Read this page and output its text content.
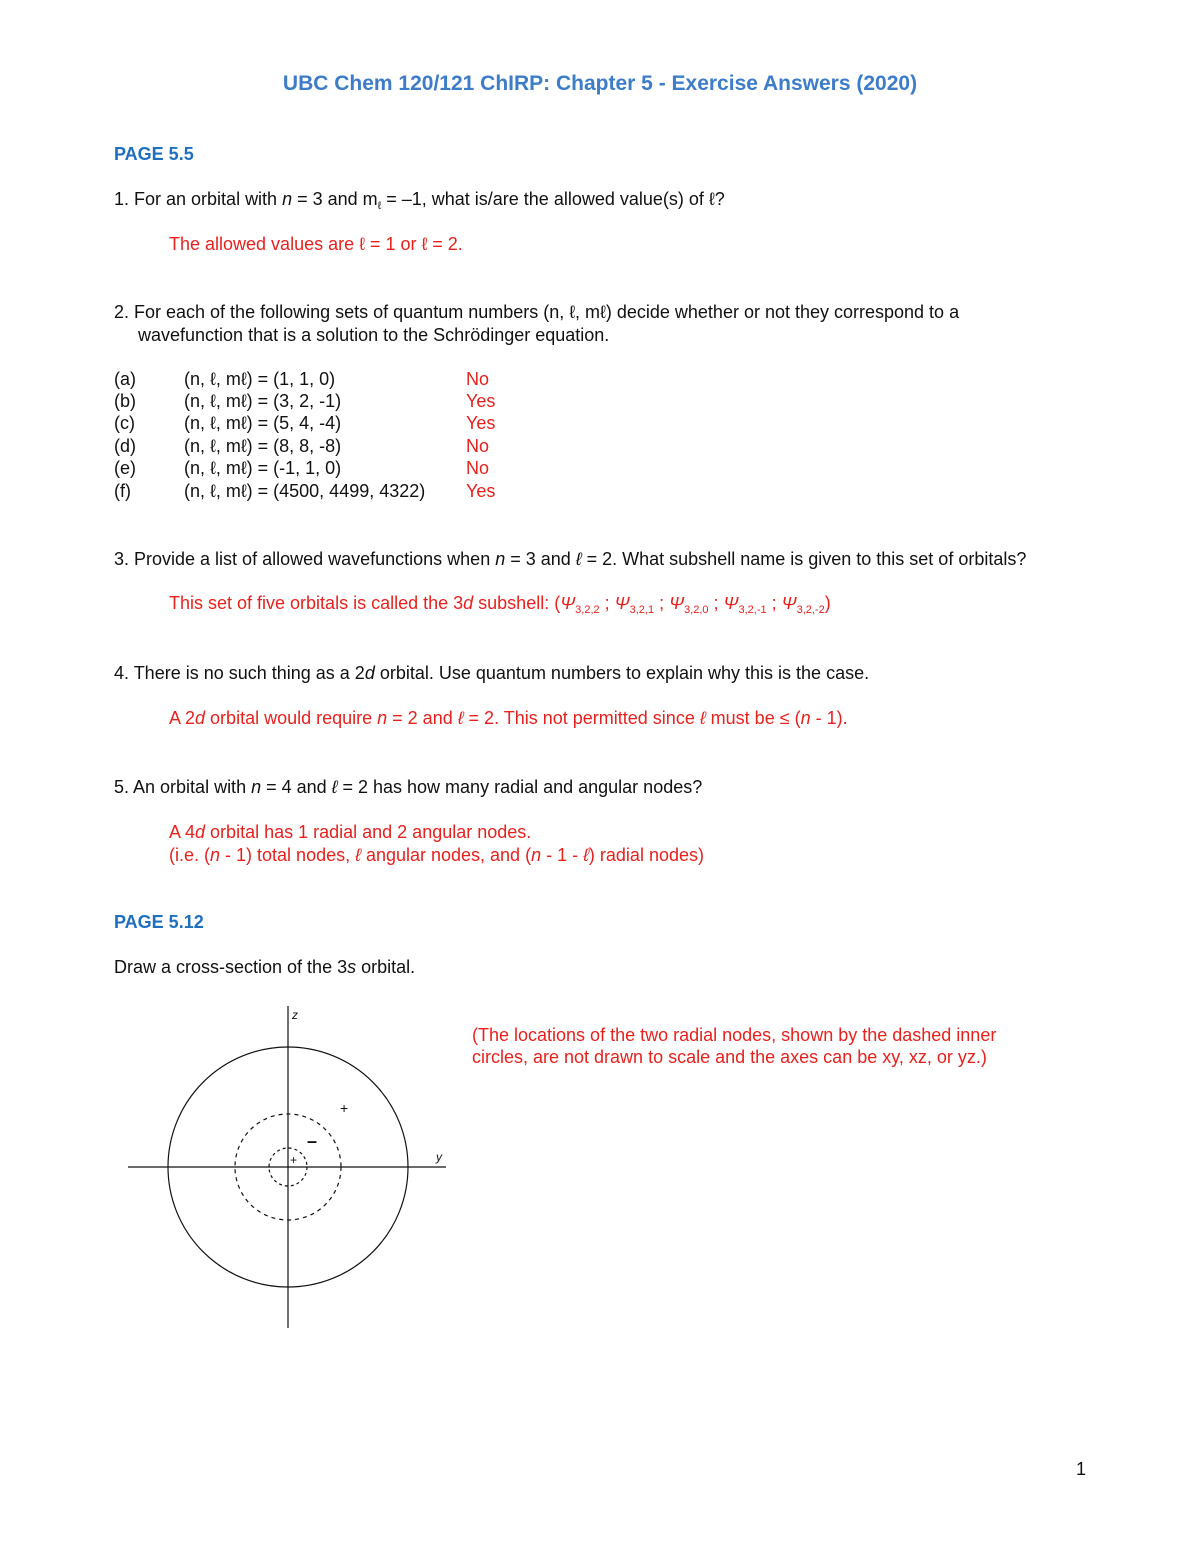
UBC Chem 120/121 ChIRP: Chapter 5 - Exercise Answers (2020)
PAGE 5.5
1. For an orbital with n = 3 and $m_\ell = -1$, what is/are the allowed value(s) of ℓ?
The allowed values are ℓ = 1 or ℓ = 2.
2. For each of the following sets of quantum numbers (n, ℓ, mℓ) decide whether or not they correspond to a
wavefunction that is a solution to the Schrödinger equation.
(a)	(n, ℓ, mℓ) = (1, 1, 0)	No
(b)	(n, ℓ, mℓ) = (3, 2, -1)	Yes
(c)	(n, ℓ, mℓ) = (5, 4, -4)	Yes
(d)	(n, ℓ, mℓ) = (8, 8, -8)	No
(e)	(n, ℓ, mℓ) = (-1, 1, 0)	No
(f)	(n, ℓ, mℓ) = (4500, 4499, 4322) Yes
3. Provide a list of allowed wavefunctions when n = 3 and ℓ = 2. What subshell name is given to this set of orbitals?
This set of five orbitals is called the 3d subshell: ($\Psi_{3,2,2}$ ; $\Psi_{3,2,1}$ ; $\Psi_{3,2,0}$ ; $\Psi_{3,2,-1}$ ; $\Psi_{3,2,-2}$)
4. There is no such thing as a 2d orbital. Use quantum numbers to explain why this is the case.
A 2d orbital would require n = 2 and ℓ = 2. This not permitted since ℓ must be ≤ (n - 1).
5. An orbital with n = 4 and ℓ = 2 has how many radial and angular nodes?
A 4d orbital has 1 radial and 2 angular nodes.
(i.e. (n - 1) total nodes, ℓ angular nodes, and (n - 1 - ℓ) radial nodes)
PAGE 5.12
Draw a cross-section of the 3s orbital.
(The locations of the two radial nodes, shown by the dashed inner
circles, are not drawn to scale and the axes can be xy, xz, or yz.)
z
y
+
–
+
1
